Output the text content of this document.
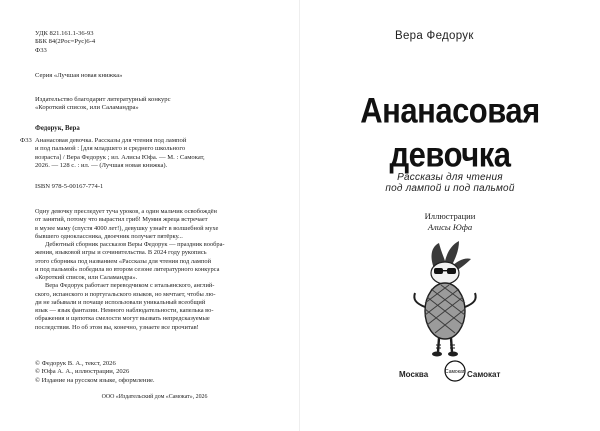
УДК 821.161.1-36-93
ББК 84(2Рос=Рус)6-4
Ф33
Серия «Лучшая новая книжка»
Издательство благодарит литературный конкурс
«Короткий список, или Саламандра»
Федорук, Вера
Ф33 Ананасовая девочка. Рассказы для чтения под лампой
и под пальмой : [для младшего и среднего школьного
возраста] / Вера Федорук ; ил. Алисы Юфа. — М. : Самокат,
2026. — 128 с. : ил. — (Лучшая новая книжка).
ISBN 978-5-00167-774-1

Одну девочку преследует туча уроков, а один мальчик освобождён
от занятий, потому что вырастил гриб! Мумия жреца встречает
в музее маму (спустя 4000 лет!), девушку узнаёт в волшебной мухе
бывшего одноклассника, двоечник получает пятёрку...

Дебютный сборник рассказов Веры Федорук — праздник вообра-
жения, языковой игры и сочинительства. В 2024 году рукопись
этого сборника под названием «Рассказы для чтения под лампой
и под пальмой» победила во втором сезоне литературного конкурса
«Короткий список, или Саламандра».

Вера Федорук работает переводчиком с итальянского, англий-
ского, испанского и португальского языков, но мечтает, чтобы лю-
ди не забывали и почаще использовали уникальный всеобщий
язык — язык фантазии. Немного наблюдательности, капелька во-
ображения и щепотка смелости могут вызвать непредсказуемые
последствия. Но об этом вы, конечно, узнаете все прочитав!

© Федорук В. А., текст, 2026
© Юфа А. А., иллюстрации, 2026
© Издание на русском языке, оформление.
ООО «Издательский дом «Самокат», 2026
Вера Федорук
Ананасовая
девочка
Рассказы для чтения
под лампой и под пальмой
Иллюстрации
Алисы Юфа
Москва	Самокат Самокат
